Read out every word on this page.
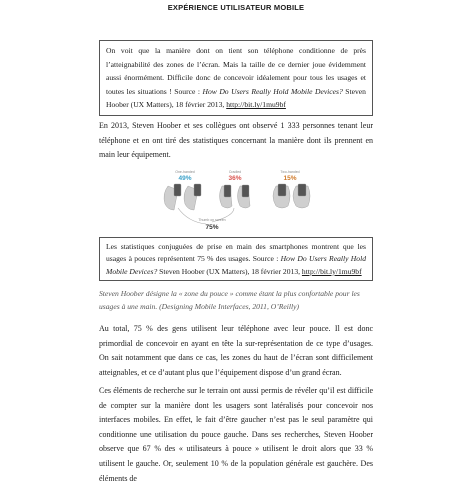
EXPÉRIENCE UTILISATEUR MOBILE

On voit que la manière dont on tient son téléphone conditionne de près l’atteignabilité des zones de l’écran. Mais la taille de ce dernier joue évidemment aussi énormément. Difficile donc de concevoir idéalement pour tous les usages et toutes les situations ! Source : How Do Users Really Hold Mobile Devices? Steven Hoober (UX Matters), 18 février 2013, http://bit.ly/1mu9bf

En 2013, Steven Hoober et ses collègues ont observé 1 333 personnes tenant leur téléphone et en ont tiré des statistiques concernant la manière dont ils prennent en main leur équipement.

One-handed
49%
Cradled
36%
Two-handed
15%
Thumb on screen
75%

Les statistiques conjuguées de prise en main des smartphones montrent que les usages à pouces représentent 75 % des usages. Source : How Do Users Really Hold Mobile Devices? Steven Hoober (UX Matters), 18 février 2013, http://bit.ly/1mu9bf

Steven Hoober désigne la « zone du pouce » comme étant la plus confortable pour les usages à une main. (Designing Mobile Interfaces, 2011, O’Reilly)

Au total, 75 % des gens utilisent leur téléphone avec leur pouce. Il est donc primordial de concevoir en ayant en tête la sur-représentation de ce type d’usages. On sait notamment que dans ce cas, les zones du haut de l’écran sont difficilement atteignables, et ce d’autant plus que l’équipement dispose d’un grand écran.

Ces éléments de recherche sur le terrain ont aussi permis de révéler qu’il est difficile de compter sur la manière dont les usagers sont latéralisés pour concevoir nos interfaces mobiles. En effet, le fait d’être gaucher n’est pas le seul paramètre qui conditionne une utilisation du pouce gauche. Dans ses recherches, Steven Hoober observe que 67 % des « utilisateurs à pouce » utilisent le droit alors que 33 % utilisent le gauche. Or, seulement 10 % de la population générale est gauchère. Des éléments de
